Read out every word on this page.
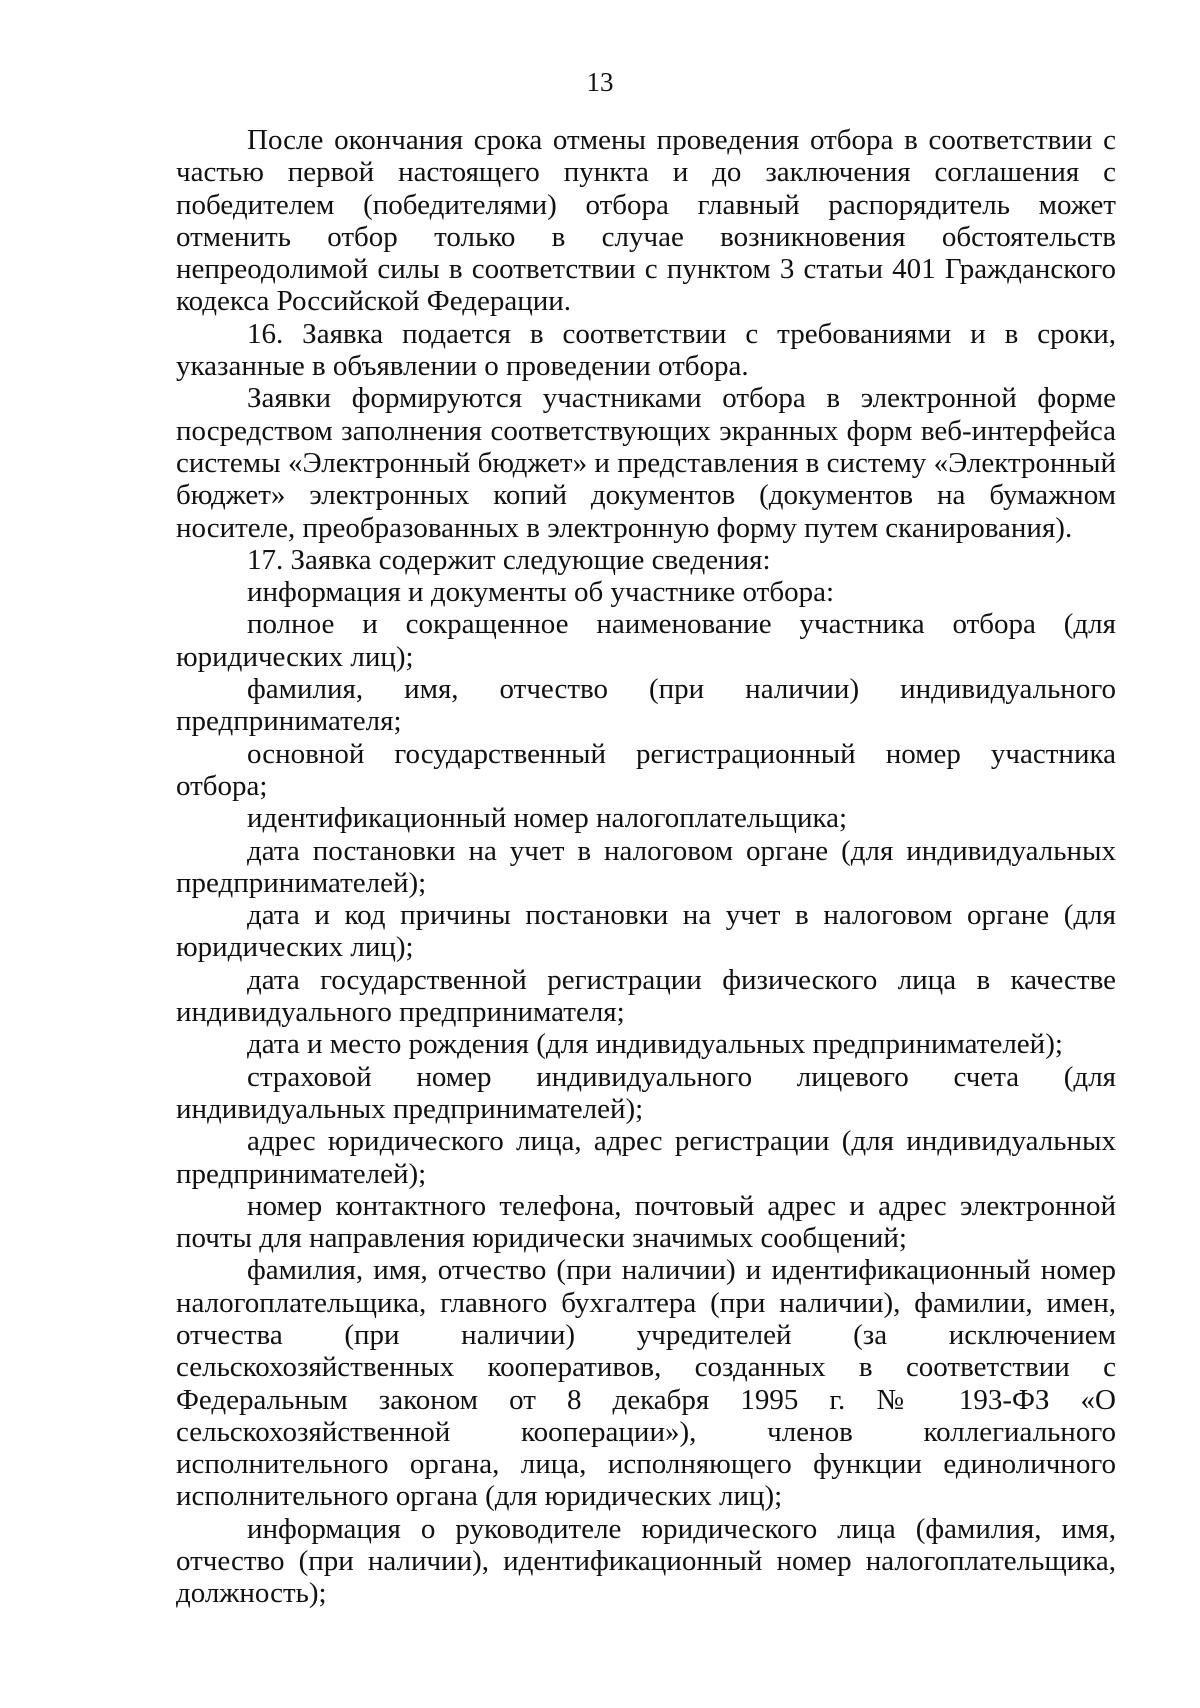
13

После окончания срока отмены проведения отбора в соответствии с частью первой настоящего пункта и до заключения соглашения с победителем (победителями) отбора главный распорядитель может отменить отбор только в случае возникновения обстоятельств непреодолимой силы в соответствии с пунктом 3 статьи 401 Гражданского кодекса Российской Федерации.

16. Заявка подается в соответствии с требованиями и в сроки, указанные в объявлении о проведении отбора.

Заявки формируются участниками отбора в электронной форме посредством заполнения соответствующих экранных форм веб-интерфейса системы «Электронный бюджет» и представления в систему «Электронный бюджет» электронных копий документов (документов на бумажном носителе, преобразованных в электронную форму путем сканирования).

17. Заявка содержит следующие сведения:

информация и документы об участнике отбора:

полное и сокращенное наименование участника отбора (для юридических лиц);

фамилия, имя, отчество (при наличии) индивидуального предпринимателя;

основной государственный регистрационный номер участника отбора;

идентификационный номер налогоплательщика;

дата постановки на учет в налоговом органе (для индивидуальных предпринимателей);

дата и код причины постановки на учет в налоговом органе (для юридических лиц);

дата государственной регистрации физического лица в качестве индивидуального предпринимателя;

дата и место рождения (для индивидуальных предпринимателей);

страховой номер индивидуального лицевого счета (для индивидуальных предпринимателей);

адрес юридического лица, адрес регистрации (для индивидуальных предпринимателей);

номер контактного телефона, почтовый адрес и адрес электронной почты для направления юридически значимых сообщений;

фамилия, имя, отчество (при наличии) и идентификационный номер налогоплательщика, главного бухгалтера (при наличии), фамилии, имен, отчества (при наличии) учредителей (за исключением сельскохозяйственных кооперативов, созданных в соответствии с Федеральным законом от 8 декабря 1995 г. № 193-ФЗ «О сельскохозяйственной кооперации»), членов коллегиального исполнительного органа, лица, исполняющего функции единоличного исполнительного органа (для юридических лиц);

информация о руководителе юридического лица (фамилия, имя, отчество (при наличии), идентификационный номер налогоплательщика, должность);
